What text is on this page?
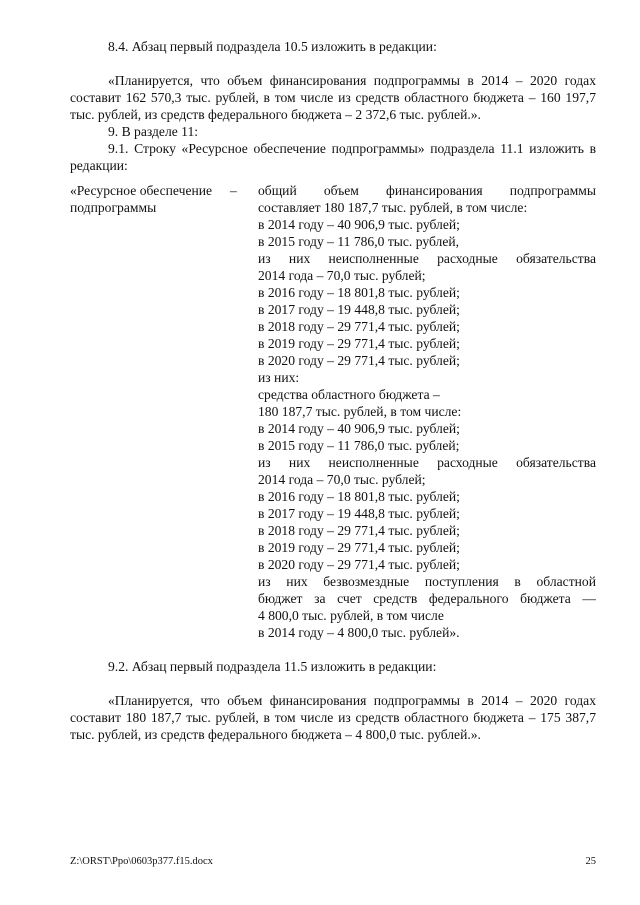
8.4. Абзац первый подраздела 10.5 изложить в редакции:

«Планируется, что объем финансирования подпрограммы в 2014 – 2020 годах составит 162 570,3 тыс. рублей, в том числе из средств областного бюджета – 160 197,7 тыс. рублей, из средств федерального бюджета – 2 372,6 тыс. рублей.».

9. В разделе 11:

9.1. Строку «Ресурсное обеспечение подпрограммы» подраздела 11.1 изложить в редакции:

«Ресурсное обеспечение подпрограммы
–	общий объем финансирования подпрограммы
составляет 180 187,7 тыс. рублей, в том числе:
в 2014 году – 40 906,9 тыс. рублей;
в 2015 году – 11 786,0 тыс. рублей,
из них неисполненные расходные обязательства
2014 года – 70,0 тыс. рублей;
в 2016 году – 18 801,8 тыс. рублей;
в 2017 году – 19 448,8 тыс. рублей;
в 2018 году – 29 771,4 тыс. рублей;
в 2019 году – 29 771,4 тыс. рублей;
в 2020 году – 29 771,4 тыс. рублей;
из них:
средства областного бюджета –
180 187,7 тыс. рублей, в том числе:
в 2014 году – 40 906,9 тыс. рублей;
в 2015 году – 11 786,0 тыс. рублей;
из них неисполненные расходные обязательства
2014 года – 70,0 тыс. рублей;
в 2016 году – 18 801,8 тыс. рублей;
в 2017 году – 19 448,8 тыс. рублей;
в 2018 году – 29 771,4 тыс. рублей;
в 2019 году – 29 771,4 тыс. рублей;
в 2020 году – 29 771,4 тыс. рублей;
из них безвозмездные поступления в областной
бюджет за счет средств федерального бюджета —
4 800,0 тыс. рублей, в том числе
в 2014 году – 4 800,0 тыс. рублей».

9.2. Абзац первый подраздела 11.5 изложить в редакции:

«Планируется, что объем финансирования подпрограммы в 2014 – 2020 годах составит 180 187,7 тыс. рублей, в том числе из средств областного бюджета – 175 387,7 тыс. рублей, из средств федерального бюджета – 4 800,0 тыс. рублей.».

Z:\ORST\Ppo\0603p377.f15.docx	25
